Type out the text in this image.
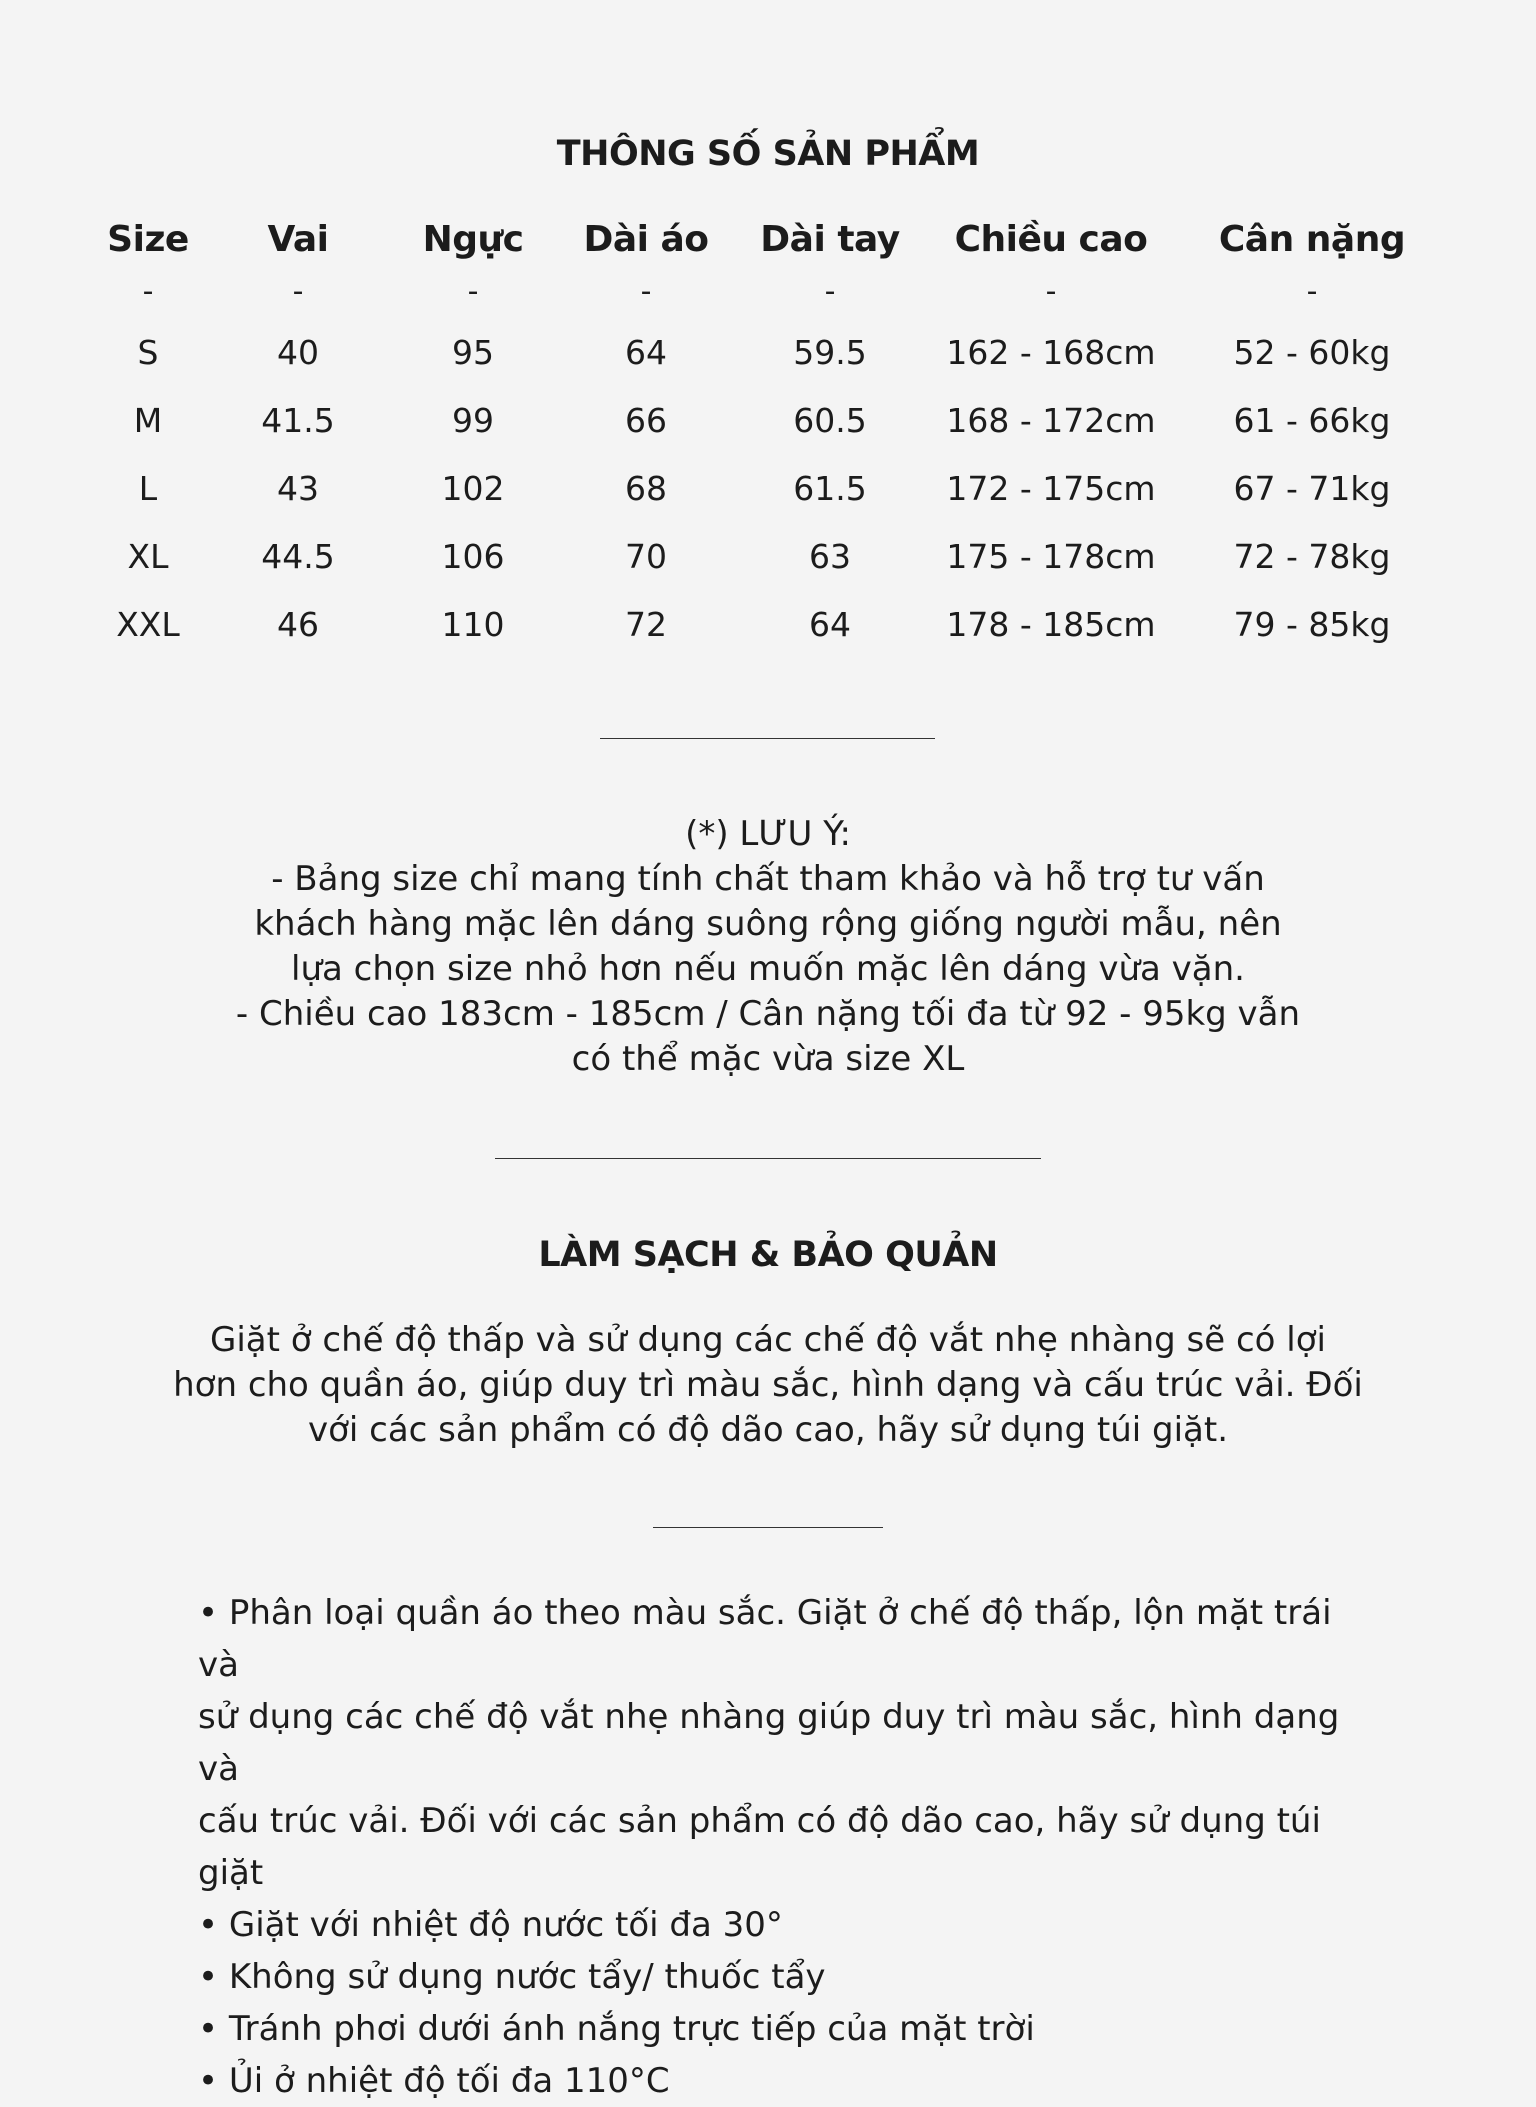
THÔNG SỐ SẢN PHẨM
Size	Vai	Ngực	Dài áo	Dài tay	Chiều cao	Cân nặng
-	-	-	-	-	-	-
S	40	95	64	59.5	162 - 168cm	52 - 60kg
M	41.5	99	66	60.5	168 - 172cm	61 - 66kg
L	43	102	68	61.5	172 - 175cm	67 - 71kg
XL	44.5	106	70	63	175 - 178cm	72 - 78kg
XXL	46	110	72	64	178 - 185cm	79 - 85kg
(*) LƯU Ý:
- Bảng size chỉ mang tính chất tham khảo và hỗ trợ tư vấn
khách hàng mặc lên dáng suông rộng giống người mẫu, nên
lựa chọn size nhỏ hơn nếu muốn mặc lên dáng vừa vặn.
- Chiều cao 183cm - 185cm / Cân nặng tối đa từ 92 - 95kg vẫn
có thể mặc vừa size XL
LÀM SẠCH & BẢO QUẢN
Giặt ở chế độ thấp và sử dụng các chế độ vắt nhẹ nhàng sẽ có lợi
hơn cho quần áo, giúp duy trì màu sắc, hình dạng và cấu trúc vải. Đối
với các sản phẩm có độ dão cao, hãy sử dụng túi giặt.
• Phân loại quần áo theo màu sắc. Giặt ở chế độ thấp, lộn mặt trái và
sử dụng các chế độ vắt nhẹ nhàng giúp duy trì màu sắc, hình dạng và
cấu trúc vải. Đối với các sản phẩm có độ dão cao, hãy sử dụng túi giặt
• Giặt với nhiệt độ nước tối đa 30°
• Không sử dụng nước tẩy/ thuốc tẩy
• Tránh phơi dưới ánh nắng trực tiếp của mặt trời
• Ủi ở nhiệt độ tối đa 110°C
